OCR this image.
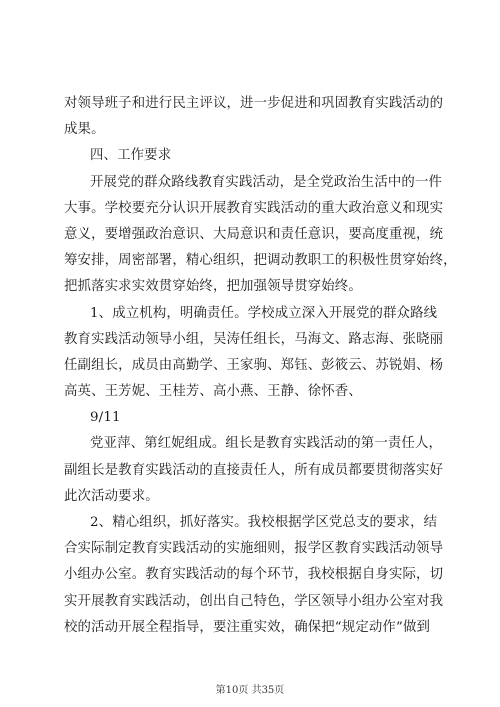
对领导班子和进行民主评议，进一步促进和巩固教育实践活动的
成果。
四、工作要求
开展党的群众路线教育实践活动，是全党政治生活中的一件
大事。学校要充分认识开展教育实践活动的重大政治意义和现实
意义，要增强政治意识、大局意识和责任意识，要高度重视，统
筹安排，周密部署，精心组织，把调动教职工的积极性贯穿始终，
把抓落实求实效贯穿始终，把加强领导贯穿始终。
1、成立机构，明确责任。学校成立深入开展党的群众路线
教育实践活动领导小组，吴涛任组长，马海文、路志海、张晓丽
任副组长，成员由高勤学、王家驹、郑钰、彭筱云、苏锐娟、杨
高英、王芳妮、王桂芳、高小燕、王静、徐怀香、
9/11
党亚萍、第红妮组成。组长是教育实践活动的第一责任人，
副组长是教育实践活动的直接责任人，所有成员都要贯彻落实好
此次活动要求。
2、精心组织，抓好落实。我校根据学区党总支的要求，结
合实际制定教育实践活动的实施细则，报学区教育实践活动领导
小组办公室。教育实践活动的每个环节，我校根据自身实际，切
实开展教育实践活动，创出自己特色，学区领导小组办公室对我
校的活动开展全程指导，要注重实效，确保把“规定动作”做到
第10页 共35页
